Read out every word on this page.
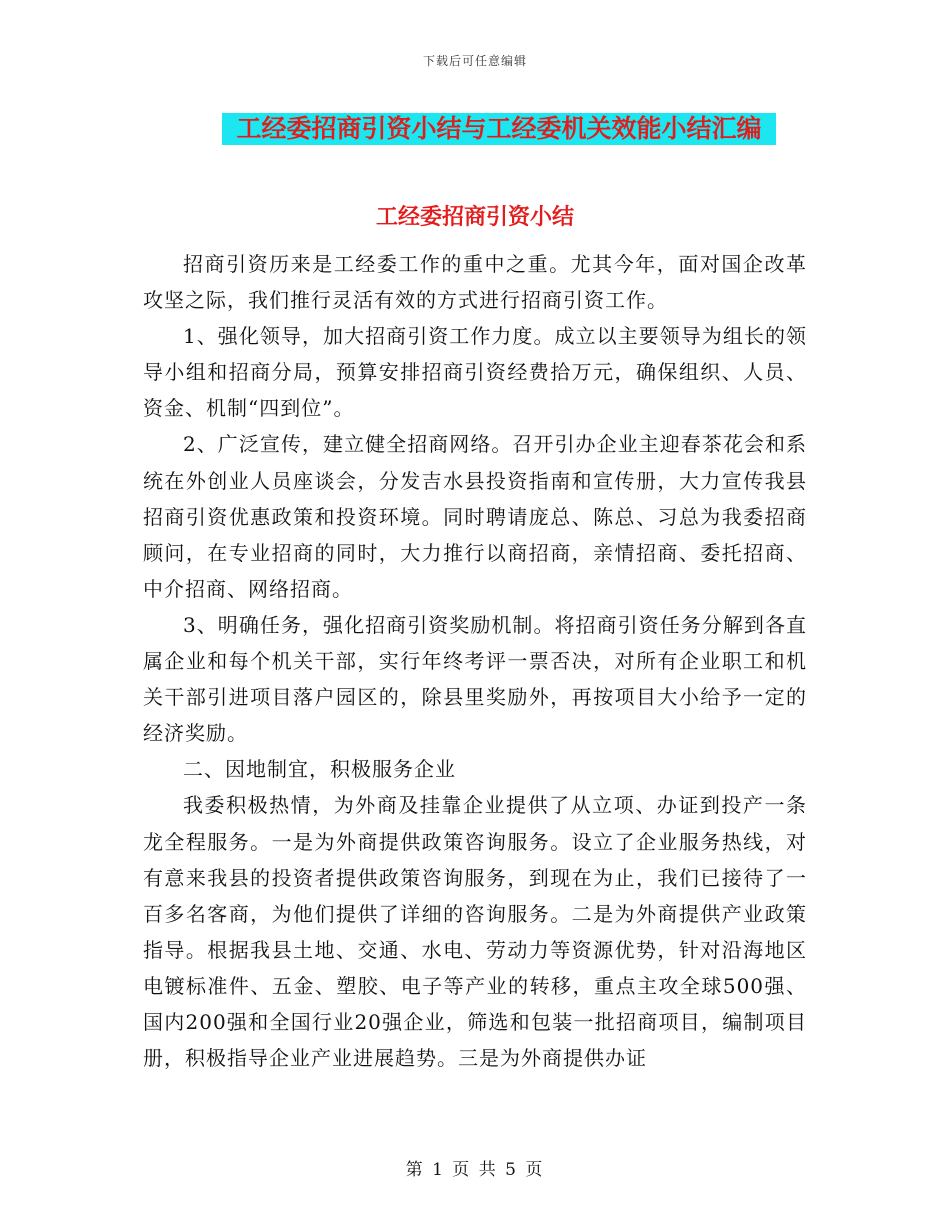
下载后可任意编辑
工经委招商引资小结与工经委机关效能小结汇编
工经委招商引资小结

招商引资历来是工经委工作的重中之重。尤其今年，面对国企改革攻坚之际，我们推行灵活有效的方式进行招商引资工作。

1、强化领导，加大招商引资工作力度。成立以主要领导为组长的领导小组和招商分局，预算安排招商引资经费拾万元，确保组织、人员、资金、机制“四到位”。

2、广泛宣传，建立健全招商网络。召开引办企业主迎春茶花会和系统在外创业人员座谈会，分发吉水县投资指南和宣传册，大力宣传我县招商引资优惠政策和投资环境。同时聘请庞总、陈总、习总为我委招商顾问，在专业招商的同时，大力推行以商招商，亲情招商、委托招商、中介招商、网络招商。

3、明确任务，强化招商引资奖励机制。将招商引资任务分解到各直属企业和每个机关干部，实行年终考评一票否决，对所有企业职工和机关干部引进项目落户园区的，除县里奖励外，再按项目大小给予一定的经济奖励。

二、因地制宜，积极服务企业

我委积极热情，为外商及挂靠企业提供了从立项、办证到投产一条龙全程服务。一是为外商提供政策咨询服务。设立了企业服务热线，对有意来我县的投资者提供政策咨询服务，到现在为止，我们已接待了一百多名客商，为他们提供了详细的咨询服务。二是为外商提供产业政策指导。根据我县土地、交通、水电、劳动力等资源优势，针对沿海地区电镀标准件、五金、塑胶、电子等产业的转移，重点主攻全球500强、国内200强和全国行业20强企业，筛选和包装一批招商项目，编制项目册，积极指导企业产业进展趋势。三是为外商提供办证

第 1 页 共 5 页
